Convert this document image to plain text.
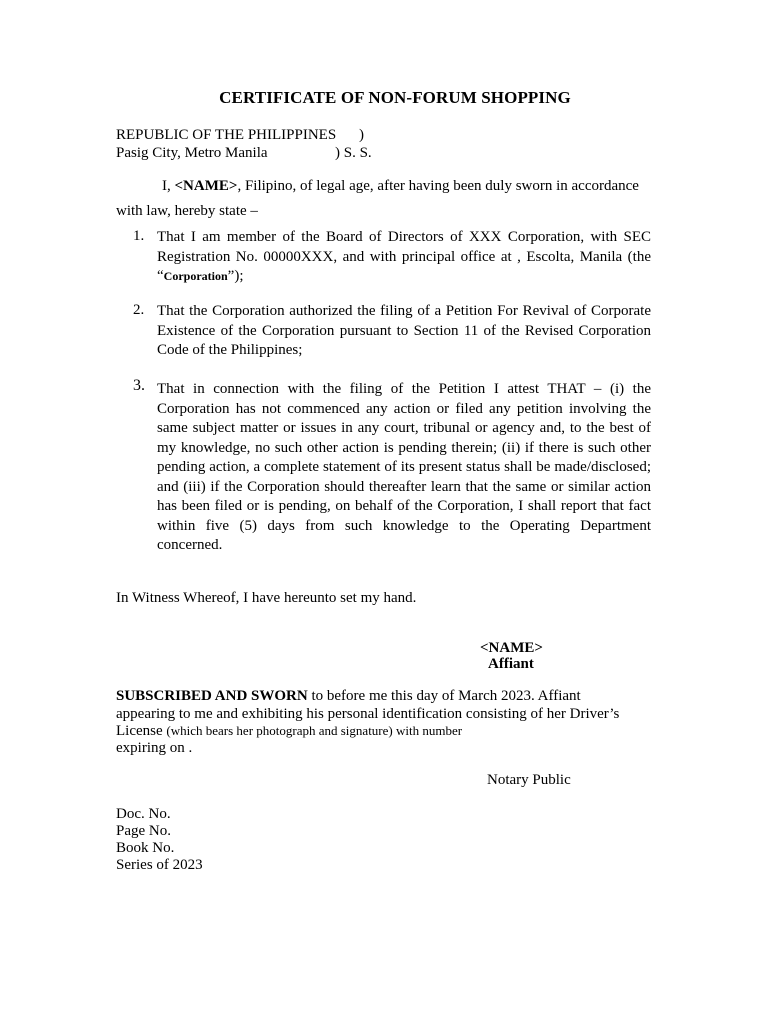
CERTIFICATE OF NON-FORUM SHOPPING
REPUBLIC OF THE PHILIPPINES )
Pasig City, Metro Manila	) S. S.
I, <NAME>, Filipino, of legal age, after having been duly sworn in accordance
with law, hereby state –
1. That I am member of the Board of Directors of XXX Corporation, with SEC Registration No. 00000XXX, and with principal office at , Escolta, Manila (the “Corporation”);
2. That the Corporation authorized the filing of a Petition For Revival of Corporate Existence of the Corporation pursuant to Section 11 of the Revised Corporation Code of the Philippines;
3. That in connection with the filing of the Petition I attest THAT – (i) the Corporation has not commenced any action or filed any petition involving the same subject matter or issues in any court, tribunal or agency and, to the best of my knowledge, no such other action is pending therein; (ii) if there is such other pending action, a complete statement of its present status shall be made/disclosed; and (iii) if the Corporation should thereafter learn that the same or similar action has been filed or is pending, on behalf of the Corporation, I shall report that fact within five (5) days from such knowledge to the Operating Department concerned.
In Witness Whereof, I have hereunto set my hand.
<NAME>
Affiant
SUBSCRIBED AND SWORN to before me this day of March 2023. Affiant
appearing to me and exhibiting his personal identification consisting of her Driver’s
License (which bears her photograph and signature) with number
expiring on .
Notary Public
Doc. No.
Page No.
Book No.
Series of 2023
